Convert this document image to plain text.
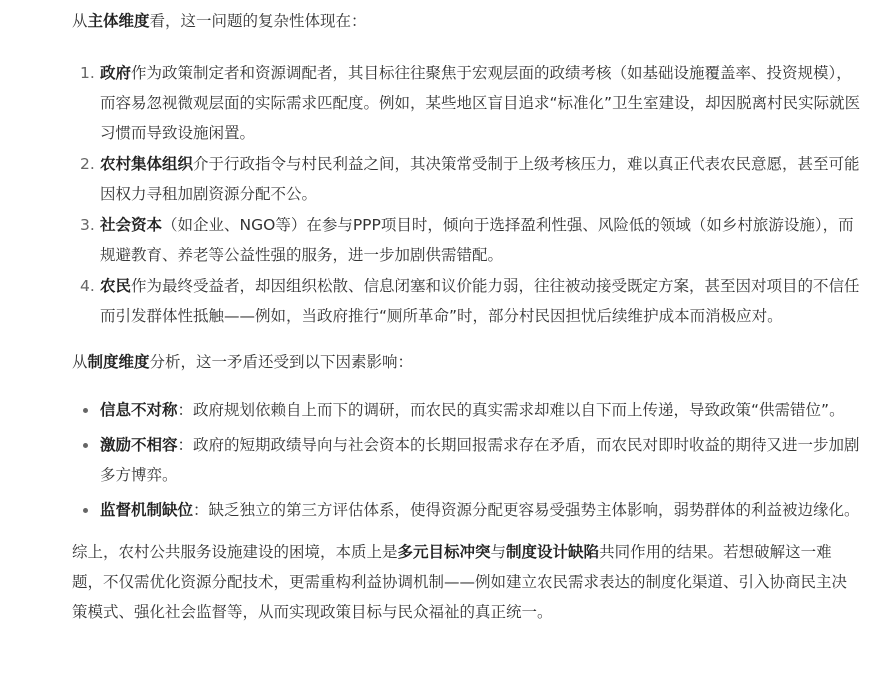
从主体维度看，这一问题的复杂性体现在：

1. 政府作为政策制定者和资源调配者，其目标往往聚焦于宏观层面的政绩考核（如基础设施覆盖率、投资规模），而容易忽视微观层面的实际需求匹配度。例如，某些地区盲目追求“标准化”卫生室建设，却因脱离村民实际就医习惯而导致设施闲置。
2. 农村集体组织介于行政指令与村民利益之间，其决策常受制于上级考核压力，难以真正代表农民意愿，甚至可能因权力寻租加剧资源分配不公。
3. 社会资本（如企业、NGO等）在参与PPP项目时，倾向于选择盈利性强、风险低的领域（如乡村旅游设施），而规避教育、养老等公益性强的服务，进一步加剧供需错配。
4. 农民作为最终受益者，却因组织松散、信息闭塞和议价能力弱，往往被动接受既定方案，甚至因对项目的不信任而引发群体性抵触——例如，当政府推行“厕所革命”时，部分村民因担忧后续维护成本而消极应对。

从制度维度分析，这一矛盾还受到以下因素影响：

信息不对称：政府规划依赖自上而下的调研，而农民的真实需求却难以自下而上传递，导致政策“供需错位”。
激励不相容：政府的短期政绩导向与社会资本的长期回报需求存在矛盾，而农民对即时收益的期待又进一步加剧多方博弈。
监督机制缺位：缺乏独立的第三方评估体系，使得资源分配更容易受强势主体影响，弱势群体的利益被边缘化。

综上，农村公共服务设施建设的困境，本质上是多元目标冲突与制度设计缺陷共同作用的结果。若想破解这一难题，不仅需优化资源分配技术，更需重构利益协调机制——例如建立农民需求表达的制度化渠道、引入协商民主决策模式、强化社会监督等，从而实现政策目标与民众福祉的真正统一。
